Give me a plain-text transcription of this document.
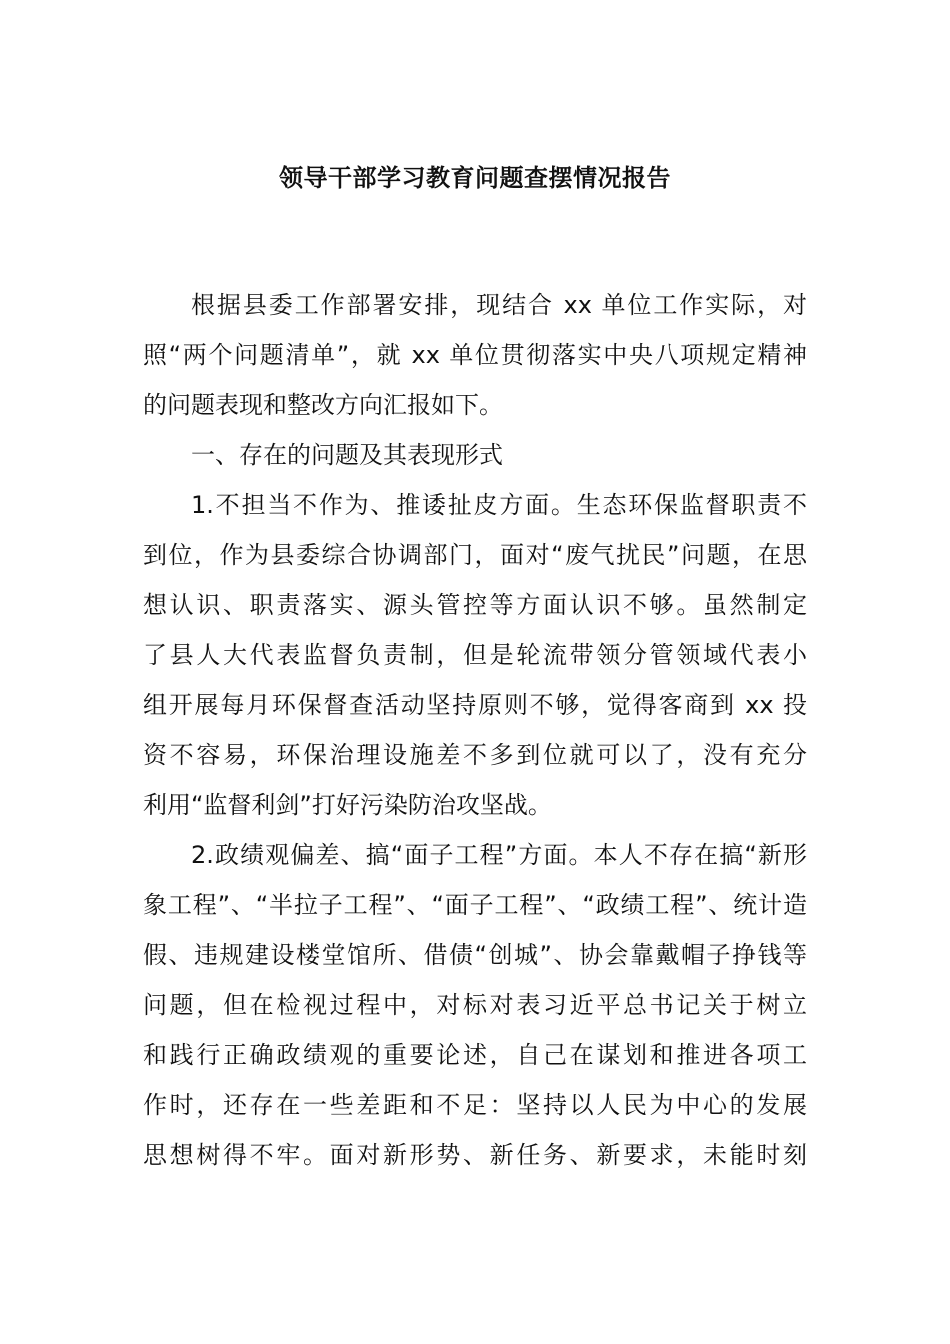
领导干部学习教育问题查摆情况报告
根据县委工作部署安排，现结合 xx 单位工作实际，对
照“两个问题清单”，就 xx 单位贯彻落实中央八项规定精神
的问题表现和整改方向汇报如下。
一、存在的问题及其表现形式
1.不担当不作为、推诿扯皮方面。生态环保监督职责不
到位，作为县委综合协调部门，面对“废气扰民”问题，在思
想认识、职责落实、源头管控等方面认识不够。虽然制定
了县人大代表监督负责制，但是轮流带领分管领域代表小
组开展每月环保督查活动坚持原则不够，觉得客商到 xx 投
资不容易，环保治理设施差不多到位就可以了，没有充分
利用“监督利剑”打好污染防治攻坚战。
2.政绩观偏差、搞“面子工程”方面。本人不存在搞“新形
象工程”、“半拉子工程”、“面子工程”、“政绩工程”、统计造
假、违规建设楼堂馆所、借债“创城”、协会靠戴帽子挣钱等
问题，但在检视过程中，对标对表习近平总书记关于树立
和践行正确政绩观的重要论述，自己在谋划和推进各项工
作时，还存在一些差距和不足：坚持以人民为中心的发展
思想树得不牢。面对新形势、新任务、新要求，未能时刻
